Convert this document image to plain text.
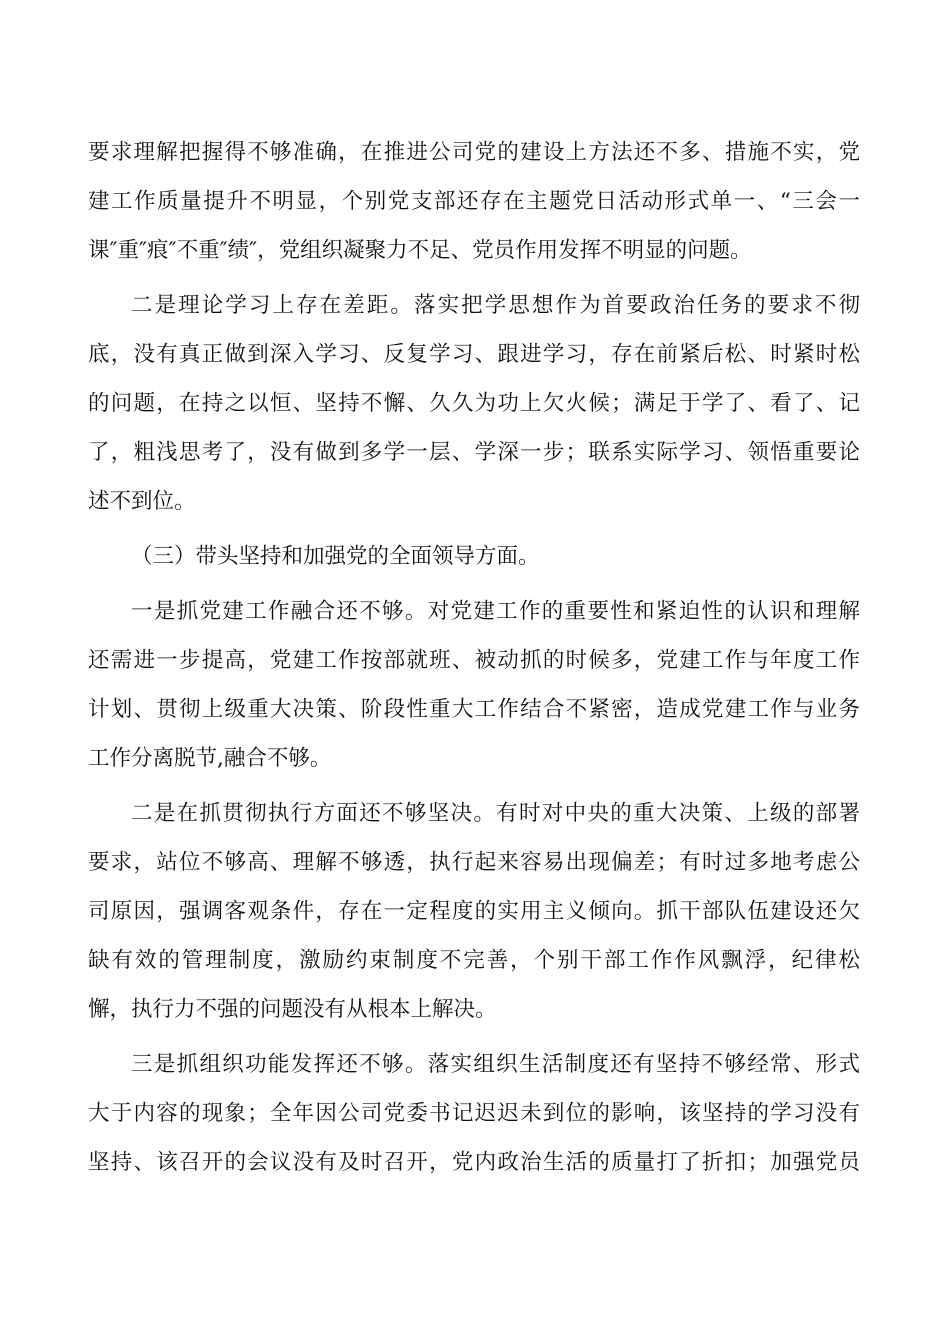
要求理解把握得不够准确，在推进公司党的建设上方法还不多、措施不实，党
建工作质量提升不明显，个别党支部还存在主题党日活动形式单一、“三会一
课″重″痕″不重″绩″，党组织凝聚力不足、党员作用发挥不明显的问题。
二是理论学习上存在差距。落实把学思想作为首要政治任务的要求不彻
底，没有真正做到深入学习、反复学习、跟进学习，存在前紧后松、时紧时松
的问题，在持之以恒、坚持不懈、久久为功上欠火候；满足于学了、看了、记
了，粗浅思考了，没有做到多学一层、学深一步；联系实际学习、领悟重要论
述不到位。
（三）带头坚持和加强党的全面领导方面。
一是抓党建工作融合还不够。对党建工作的重要性和紧迫性的认识和理解
还需进一步提高，党建工作按部就班、被动抓的时候多，党建工作与年度工作
计划、贯彻上级重大决策、阶段性重大工作结合不紧密，造成党建工作与业务
工作分离脱节,融合不够。
二是在抓贯彻执行方面还不够坚决。有时对中央的重大决策、上级的部署
要求，站位不够高、理解不够透，执行起来容易出现偏差；有时过多地考虑公
司原因，强调客观条件，存在一定程度的实用主义倾向。抓干部队伍建设还欠
缺有效的管理制度，激励约束制度不完善，个别干部工作作风飘浮，纪律松
懈，执行力不强的问题没有从根本上解决。
三是抓组织功能发挥还不够。落实组织生活制度还有坚持不够经常、形式
大于内容的现象；全年因公司党委书记迟迟未到位的影响，该坚持的学习没有
坚持、该召开的会议没有及时召开，党内政治生活的质量打了折扣；加强党员
